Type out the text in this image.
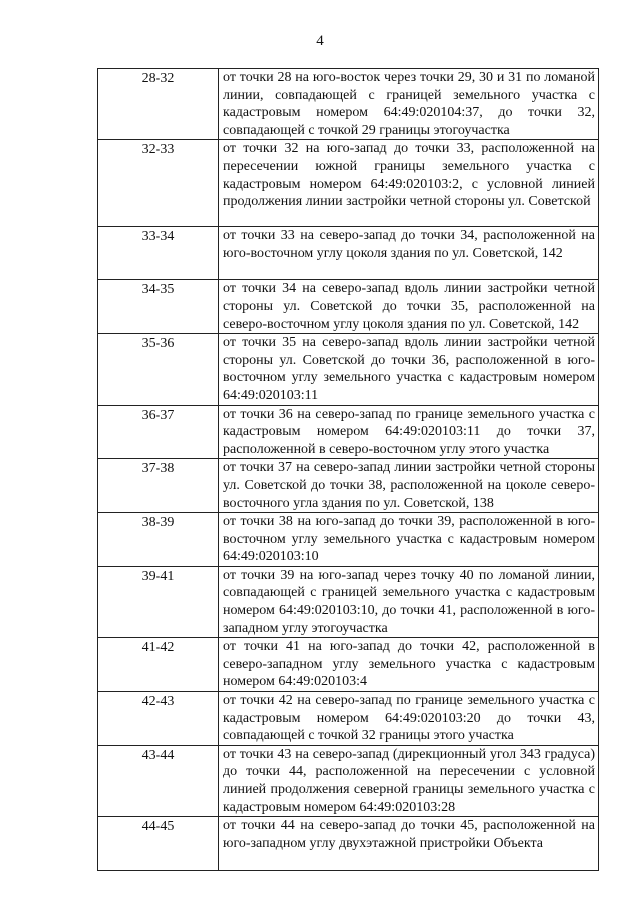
4
28-32	от точки 28 на юго-восток через точки 29, 30 и 31 по ломаной линии, совпадающей с границей земельного участка с кадастровым номером 64:49:020104:37, до точки 32, совпадающей с точкой 29 границы этогоучастка
32-33	от точки 32 на юго-запад до точки 33, расположенной на пересечении южной границы земельного участка с кадастровым номером 64:49:020103:2, с условной линией продолжения линии застройки четной стороны ул. Советской
33-34	от точки 33 на северо-запад до точки 34, расположенной на юго-восточном углу цоколя здания по ул. Советской, 142
34-35	от точки 34 на северо-запад вдоль линии застройки четной стороны ул. Советской до точки 35, расположенной на северо-восточном углу цоколя здания по ул. Советской, 142
35-36	от точки 35 на северо-запад вдоль линии застройки четной стороны ул. Советской до точки 36, расположенной в юго-восточном углу земельного участка с кадастровым номером 64:49:020103:11
36-37	от точки 36 на северо-запад по границе земельного участка с кадастровым номером 64:49:020103:11 до точки 37, расположенной в северо-восточном углу этого участка
37-38	от точки 37 на северо-запад линии застройки четной стороны ул. Советской до точки 38, расположенной на цоколе северо-восточного угла здания по ул. Советской, 138
38-39	от точки 38 на юго-запад до точки 39, расположенной в юго-восточном углу земельного участка с кадастровым номером 64:49:020103:10
39-41	от точки 39 на юго-запад через точку 40 по ломаной линии, совпадающей с границей земельного участка с кадастровым номером 64:49:020103:10, до точки 41, расположенной в юго-западном углу этогоучастка
41-42	от точки 41 на юго-запад до точки 42, расположенной в северо-западном углу земельного участка с кадастровым номером 64:49:020103:4
42-43	от точки 42 на северо-запад по границе земельного участка с кадастровым номером 64:49:020103:20 до точки 43, совпадающей с точкой 32 границы этого участка
43-44	от точки 43 на северо-запад (дирекционный угол 343 градуса) до точки 44, расположенной на пересечении с условной линией продолжения северной границы земельного участка с кадастровым номером 64:49:020103:28
44-45	от точки 44 на северо-запад до точки 45, расположенной на юго-западном углу двухэтажной пристройки Объекта
